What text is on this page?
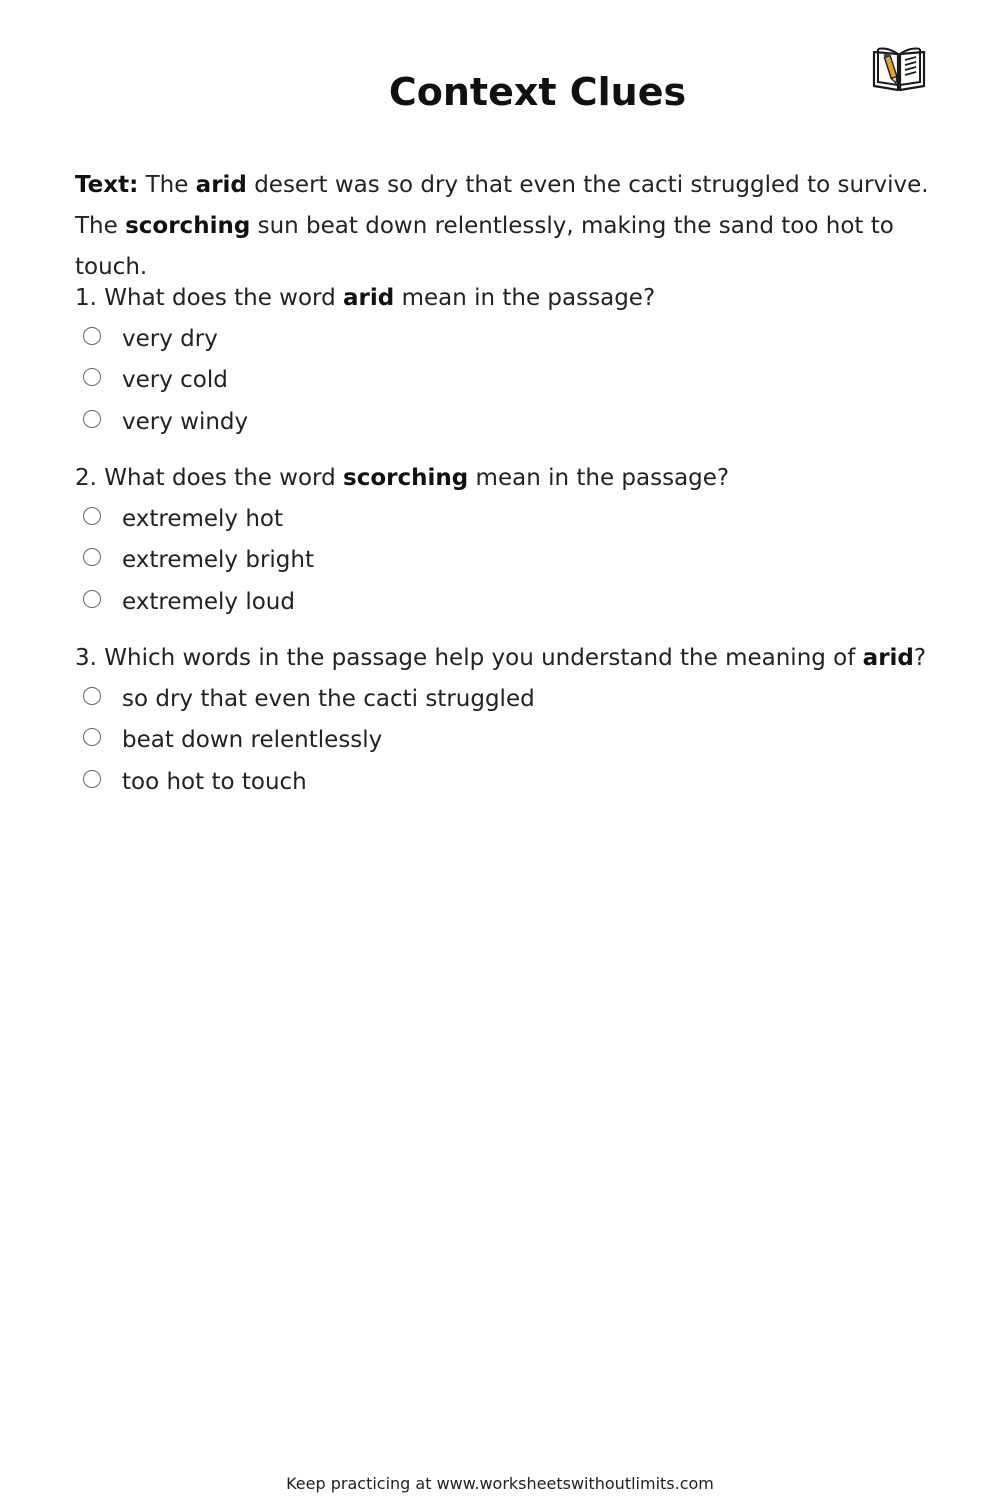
Context Clues

Text: The arid desert was so dry that even the cacti struggled to survive. The scorching sun beat down relentlessly, making the sand too hot to touch.

1. What does the word arid mean in the passage?

very dry
very cold
very windy

2. What does the word scorching mean in the passage?

extremely hot
extremely bright
extremely loud

3. Which words in the passage help you understand the meaning of arid?

so dry that even the cacti struggled
beat down relentlessly
too hot to touch

Keep practicing at www.worksheetswithoutlimits.com
